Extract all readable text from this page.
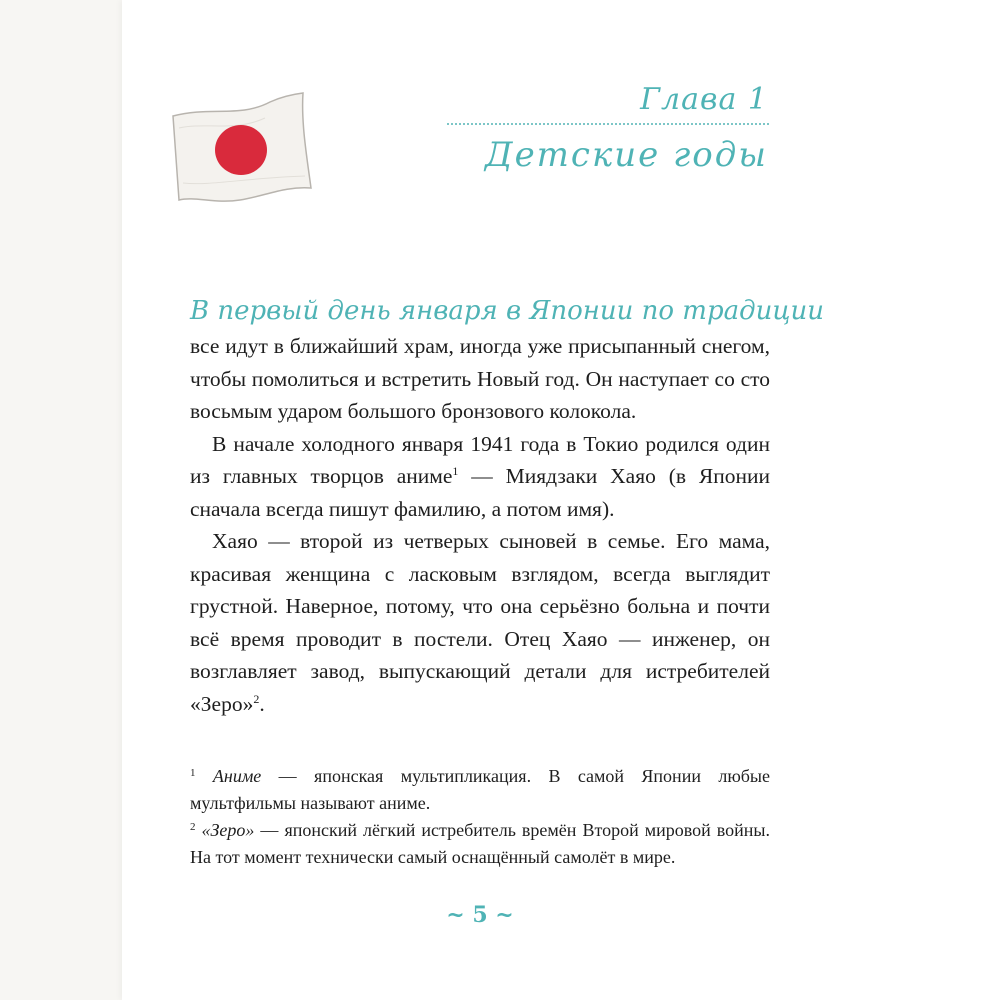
Глава 1
Детские годы
В первый день января в Японии по традиции

все идут в ближайший храм, иногда уже присыпанный снегом, чтобы помолиться и встретить Новый год. Он наступает со сто восьмым ударом большого бронзового колокола.

В начале холодного января 1941 года в Токио родился один из главных творцов аниме$^1$ — Миядзаки Хаяо (в Японии сначала всегда пишут фамилию, а потом имя).

Хаяо — второй из четверых сыновей в семье. Его мама, красивая женщина с ласковым взглядом, всегда выглядит грустной. Наверное, потому, что она серьёзно больна и почти всё время проводит в постели. Отец Хаяо — инженер, он возглавляет завод, выпускающий детали для истребителей «Зеро»$^2$.

$^1$ Аниме — японская мультипликация. В самой Японии любые мультфильмы называют аниме.

$^2$ «Зеро» — японский лёгкий истребитель времён Второй мировой войны. На тот момент технически самый оснащённый самолёт в мире.

~ 5 ~
